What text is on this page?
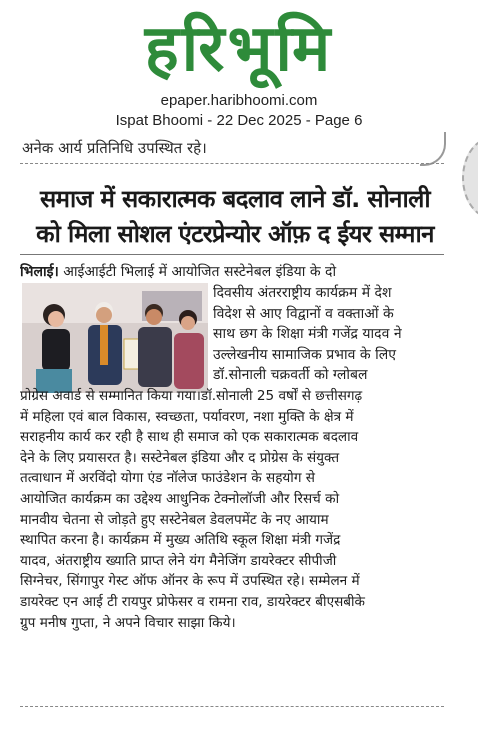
हरिभूमि
epaper.haribhoomi.com
Ispat Bhoomi - 22 Dec 2025 - Page 6
अनेक आर्य प्रतिनिधि उपस्थित रहे।
समाज में सकारात्मक बदलाव लाने डॉ. सोनाली
को मिला सोशल एंटरप्रेन्योर ऑफ़ द ईयर सम्मान
भिलाई। आईआईटी भिलाई में आयोजित सस्टेनेबल इंडिया के दो
दिवसीय अंतरराष्ट्रीय कार्यक्रम में देश
विदेश से आए विद्वानों व वक्ताओं के
साथ छग के शिक्षा मंत्री गजेंद्र यादव ने
उल्लेखनीय सामाजिक प्रभाव के लिए
डॉ.सोनाली चक्रवर्ती को ग्लोबल
प्रोग्रेस अवार्ड से सम्मानित किया गया।डॉ.सोनाली 25 वर्षों से छत्तीसगढ़
में महिला एवं बाल विकास, स्वच्छता, पर्यावरण, नशा मुक्ति के क्षेत्र में
सराहनीय कार्य कर रही है साथ ही समाज को एक सकारात्मक बदलाव
देने के लिए प्रयासरत है। सस्टेनेबल इंडिया और द प्रोग्रेस के संयुक्त
तत्वाधान में अरविंदो योगा एंड नॉलेज फाउंडेशन के सहयोग से
आयोजित कार्यक्रम का उद्देश्य आधुनिक टेक्नोलॉजी और रिसर्च को
मानवीय चेतना से जोड़ते हुए सस्टेनेबल डेवलपमेंट के नए आयाम
स्थापित करना है। कार्यक्रम में मुख्य अतिथि स्कूल शिक्षा मंत्री गजेंद्र
यादव, अंतराष्ट्रीय ख्याति प्राप्त लेने यंग मैनेजिंग डायरेक्टर सीपीजी
सिग्नेचर, सिंगापुर गेस्ट ऑफ ऑनर के रूप में उपस्थित रहे। सम्मेलन में
डायरेक्ट एन आई टी रायपुर प्रोफेसर व रामना राव, डायरेक्टर बीएसबीके
ग्रुप मनीष गुप्ता, ने अपने विचार साझा किये।
